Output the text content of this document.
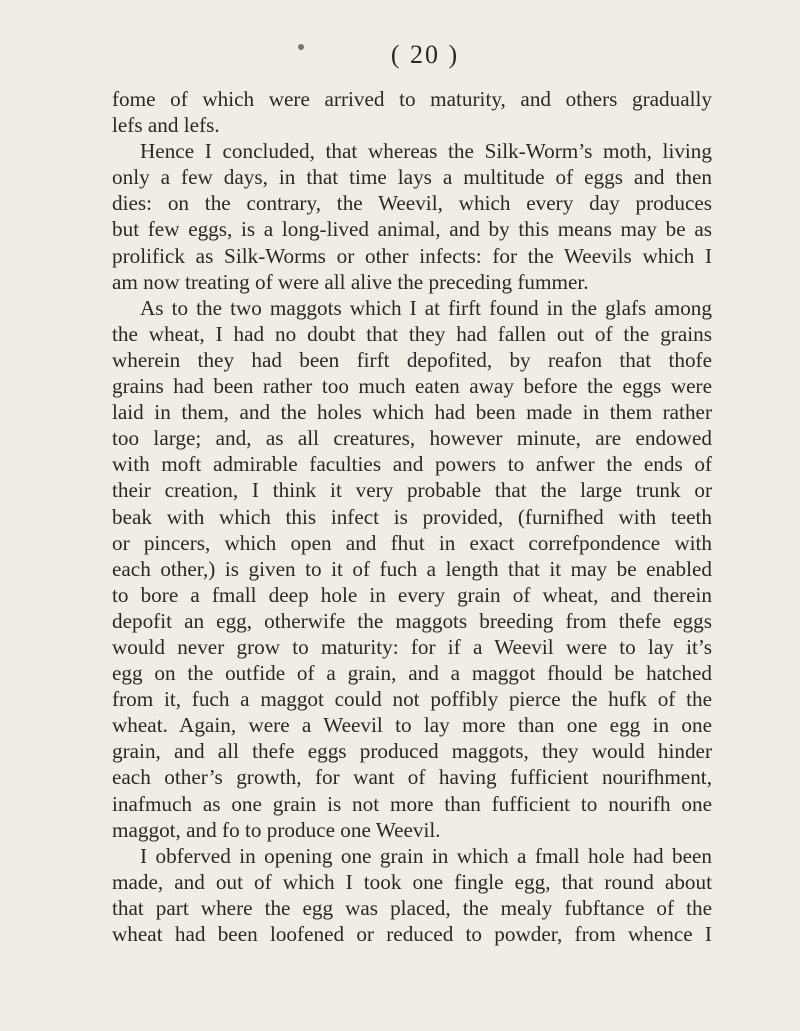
( 20 )
fome of which were arrived to maturity, and others gradually
lefs and lefs.
Hence I concluded, that whereas the Silk-Worm’s moth, living
only a few days, in that time lays a multitude of eggs and then
dies: on the contrary, the Weevil, which every day produces
but few eggs, is a long-lived animal, and by this means may be as
prolifick as Silk-Worms or other infects: for the Weevils which I
am now treating of were all alive the preceding fummer.
As to the two maggots which I at firft found in the glafs among
the wheat, I had no doubt that they had fallen out of the grains
wherein they had been firft depofited, by reafon that thofe
grains had been rather too much eaten away before the eggs were
laid in them, and the holes which had been made in them rather
too large; and, as all creatures, however minute, are endowed
with moft admirable faculties and powers to anfwer the ends of
their creation, I think it very probable that the large trunk or
beak with which this infect is provided, (furnifhed with teeth
or pincers, which open and fhut in exact correfpondence with
each other,) is given to it of fuch a length that it may be enabled
to bore a fmall deep hole in every grain of wheat, and therein
depofit an egg, otherwife the maggots breeding from thefe eggs
would never grow to maturity: for if a Weevil were to lay it’s
egg on the outfide of a grain, and a maggot fhould be hatched
from it, fuch a maggot could not poffibly pierce the hufk of the
wheat. Again, were a Weevil to lay more than one egg in one
grain, and all thefe eggs produced maggots, they would hinder
each other’s growth, for want of having fufficient nourifhment,
inafmuch as one grain is not more than fufficient to nourifh one
maggot, and fo to produce one Weevil.
I obferved in opening one grain in which a fmall hole had been
made, and out of which I took one fingle egg, that round about
that part where the egg was placed, the mealy fubftance of the
wheat had been loofened or reduced to powder, from whence I
